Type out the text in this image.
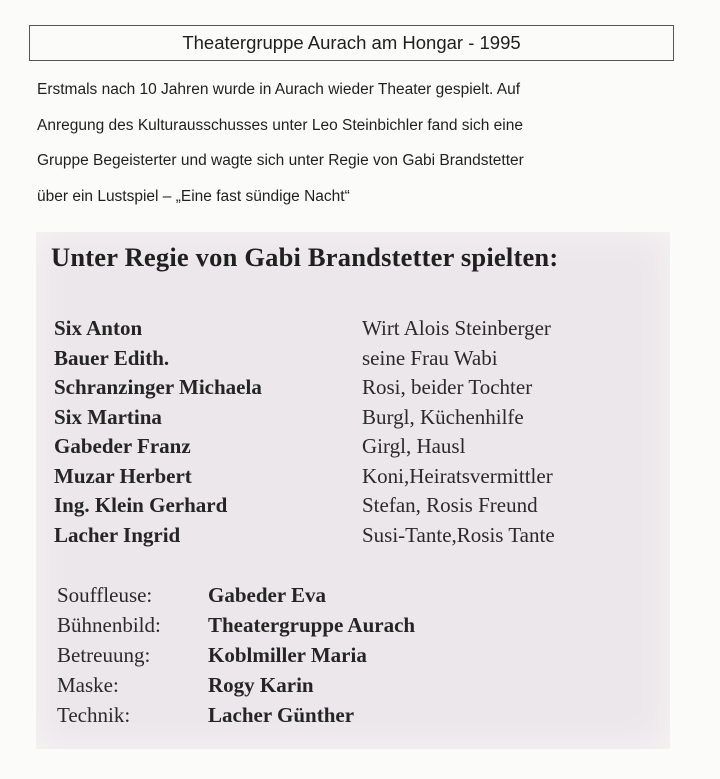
Theatergruppe Aurach am Hongar - 1995

Erstmals nach 10 Jahren wurde in Aurach wieder Theater gespielt. Auf

Anregung des Kulturausschusses unter Leo Steinbichler fand sich eine

Gruppe Begeisterter und wagte sich unter Regie von Gabi Brandstetter

über ein Lustspiel – „Eine fast sündige Nacht“

Unter Regie von Gabi Brandstetter spielten:
Six Anton	Wirt Alois Steinberger
Bauer Edith.	seine Frau Wabi
Schranzinger Michaela	Rosi, beider Tochter
Six Martina	Burgl, Küchenhilfe
Gabeder Franz	Girgl, Hausl
Muzar Herbert	Koni,Heiratsvermittler
Ing. Klein Gerhard	Stefan, Rosis Freund
Lacher Ingrid	Susi-Tante,Rosis Tante
Souffleuse:	Gabeder Eva
Bühnenbild:	Theatergruppe Aurach
Betreuung:	Koblmiller Maria
Maske:	Rogy Karin
Technik:	Lacher Günther
